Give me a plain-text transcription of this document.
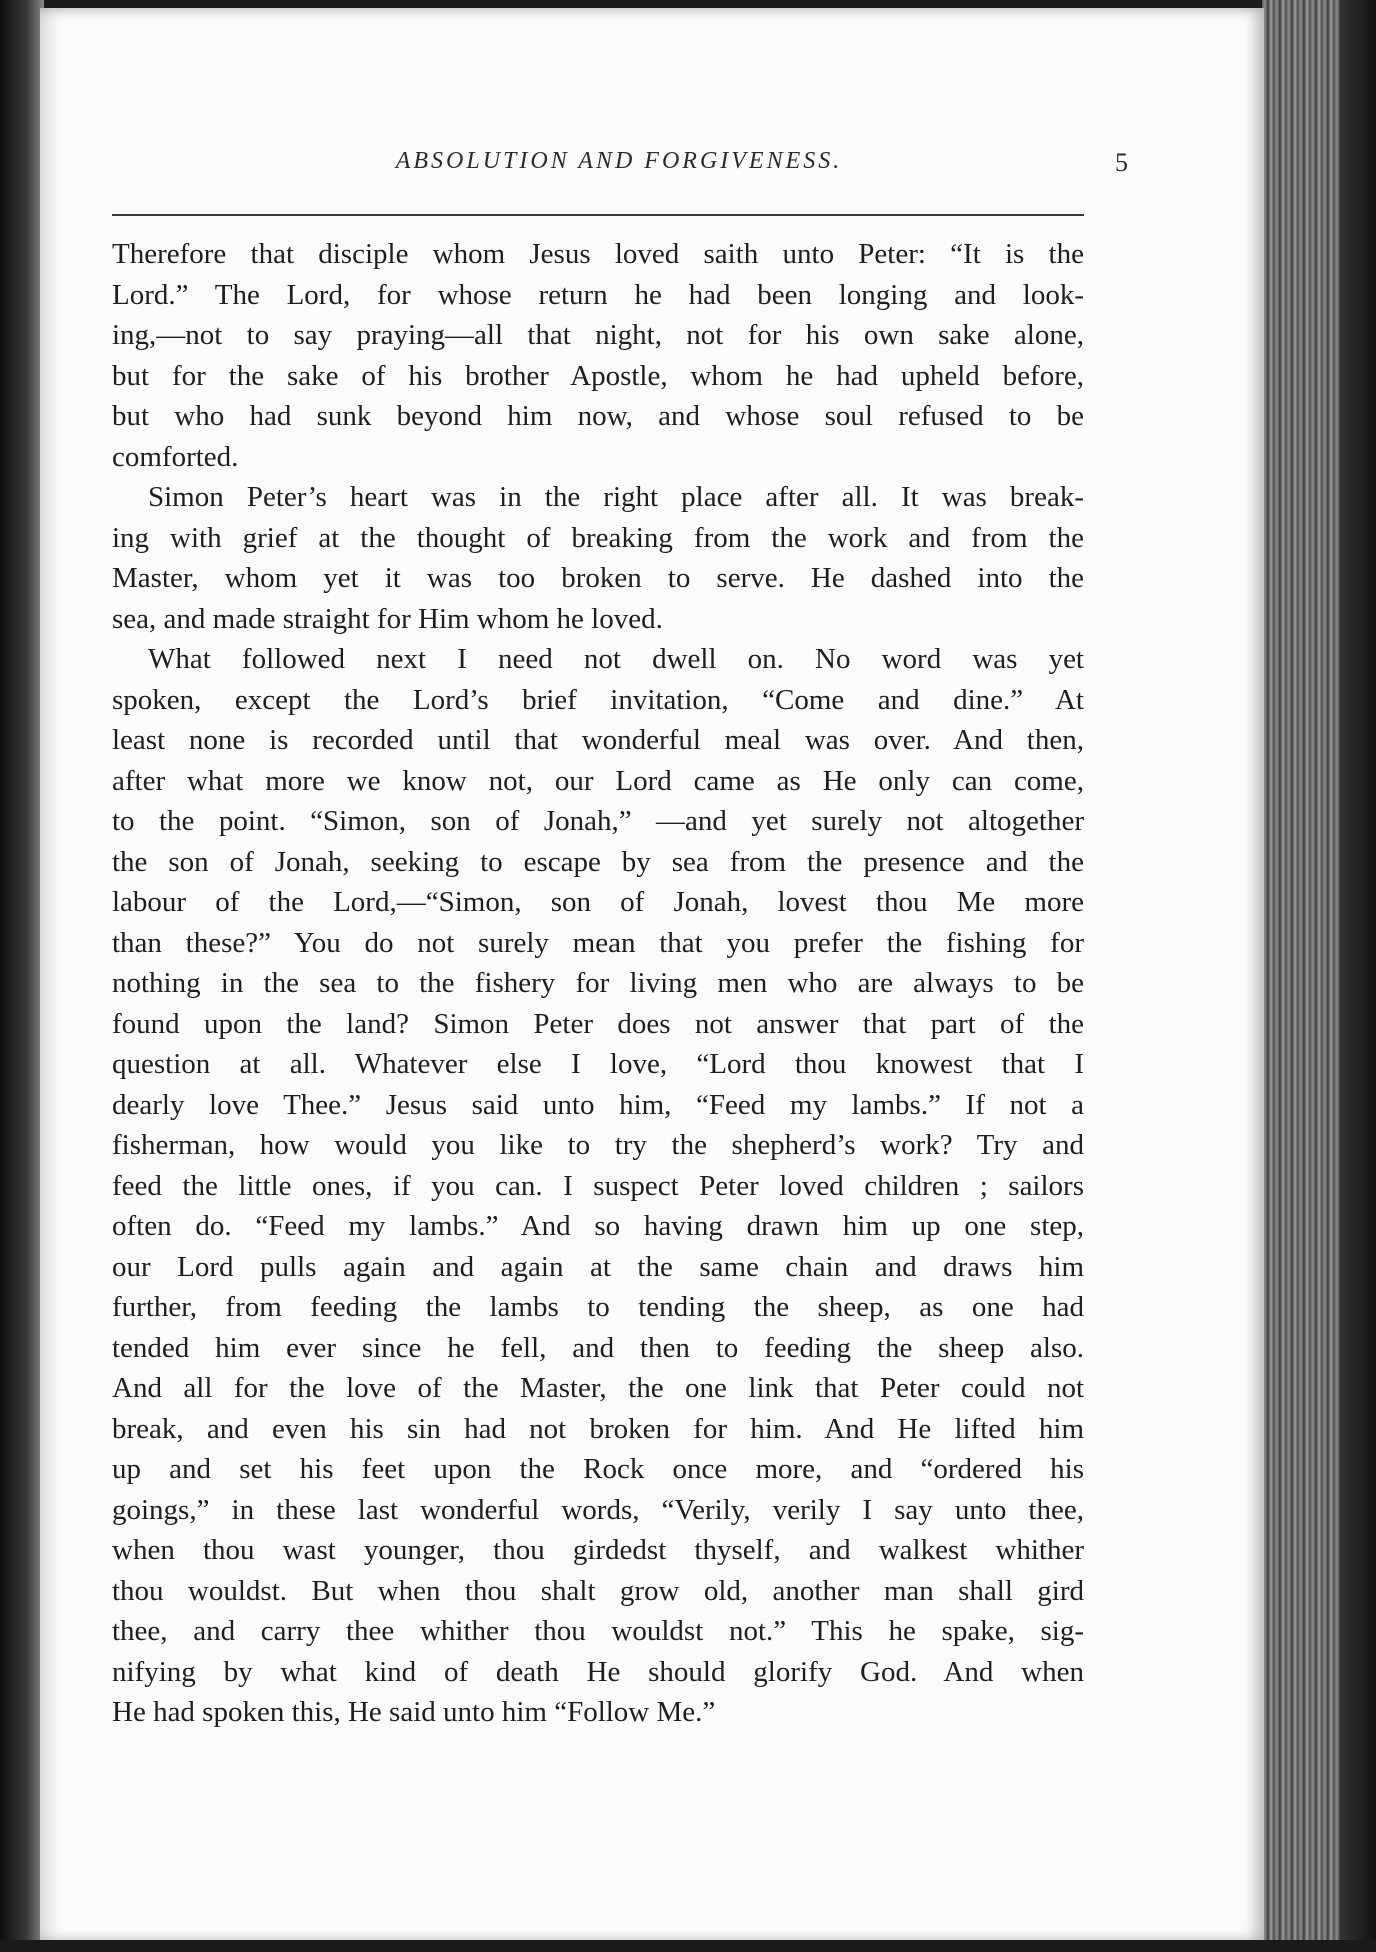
ABSOLUTION AND FORGIVENESS.	5
Therefore that disciple whom Jesus loved saith unto Peter: “It is the
Lord.” The Lord, for whose return he had been longing and look-
ing,—not to say praying—all that night, not for his own sake alone,
but for the sake of his brother Apostle, whom he had upheld before,
but who had sunk beyond him now, and whose soul refused to be
comforted.
Simon Peter’s heart was in the right place after all. It was break-
ing with grief at the thought of breaking from the work and from the
Master, whom yet it was too broken to serve. He dashed into the
sea, and made straight for Him whom he loved.
What followed next I need not dwell on. No word was yet
spoken, except the Lord’s brief invitation, “Come and dine.” At
least none is recorded until that wonderful meal was over. And then,
after what more we know not, our Lord came as He only can come,
to the point. “Simon, son of Jonah,” —and yet surely not altogether
the son of Jonah, seeking to escape by sea from the presence and the
labour of the Lord,—“Simon, son of Jonah, lovest thou Me more
than these?” You do not surely mean that you prefer the fishing for
nothing in the sea to the fishery for living men who are always to be
found upon the land? Simon Peter does not answer that part of the
question at all. Whatever else I love, “Lord thou knowest that I
dearly love Thee.” Jesus said unto him, “Feed my lambs.” If not a
fisherman, how would you like to try the shepherd’s work? Try and
feed the little ones, if you can. I suspect Peter loved children ; sailors
often do. “Feed my lambs.” And so having drawn him up one step,
our Lord pulls again and again at the same chain and draws him
further, from feeding the lambs to tending the sheep, as one had
tended him ever since he fell, and then to feeding the sheep also.
And all for the love of the Master, the one link that Peter could not
break, and even his sin had not broken for him. And He lifted him
up and set his feet upon the Rock once more, and “ordered his
goings,” in these last wonderful words, “Verily, verily I say unto thee,
when thou wast younger, thou girdedst thyself, and walkest whither
thou wouldst. But when thou shalt grow old, another man shall gird
thee, and carry thee whither thou wouldst not.” This he spake, sig-
nifying by what kind of death He should glorify God. And when
He had spoken this, He said unto him “Follow Me.”
